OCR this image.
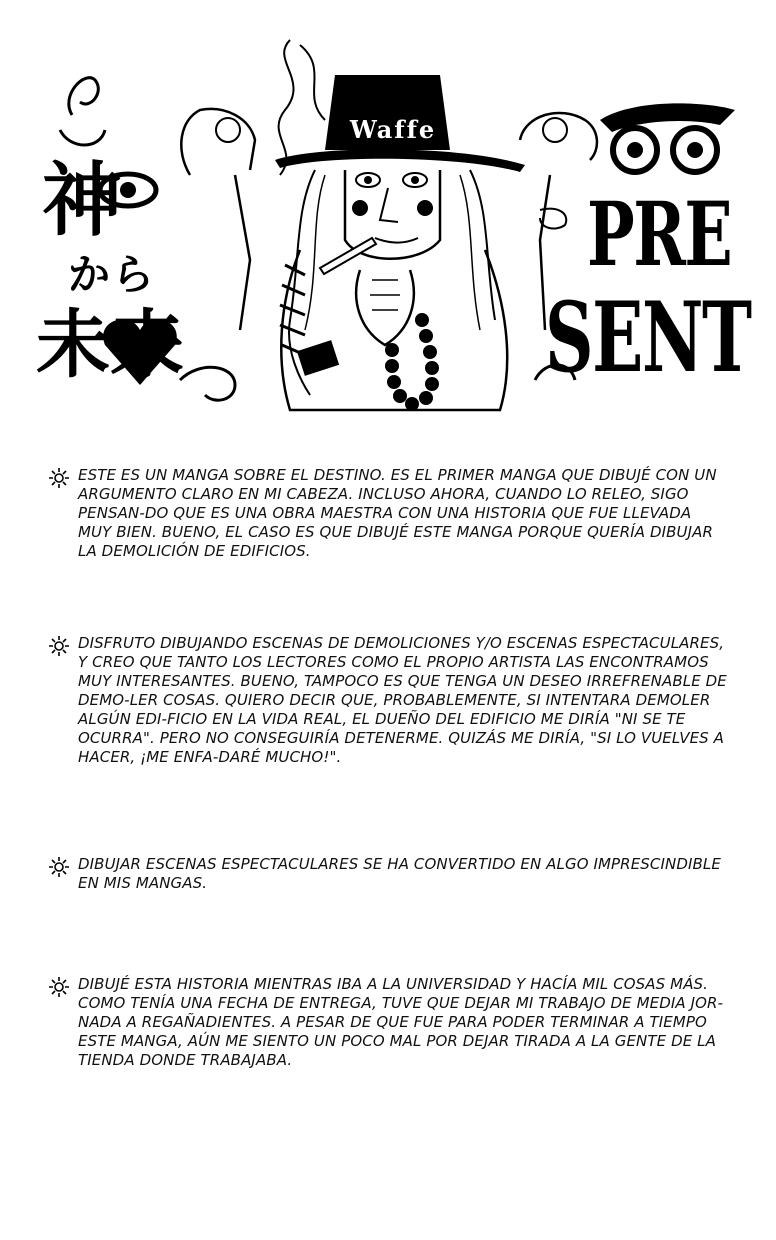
Waffe
神
から
未来
PRE
SENT
ESTE ES UN MANGA SOBRE EL DESTINO. ES EL PRIMER MANGA QUE DIBUJÉ CON UN ARGUMENTO CLARO EN MI CABEZA. INCLUSO AHORA, CUANDO LO RELEO, SIGO PENSAN-DO QUE ES UNA OBRA MAESTRA CON UNA HISTORIA QUE FUE LLEVADA MUY BIEN. BUENO, EL CASO ES QUE DIBUJÉ ESTE MANGA PORQUE QUERÍA DIBUJAR LA DEMOLICIÓN DE EDIFICIOS.
DISFRUTO DIBUJANDO ESCENAS DE DEMOLICIONES Y/O ESCENAS ESPECTACULARES, Y CREO QUE TANTO LOS LECTORES COMO EL PROPIO ARTISTA LAS ENCONTRAMOS MUY INTERESANTES. BUENO, TAMPOCO ES QUE TENGA UN DESEO IRREFRENABLE DE DEMO-LER COSAS. QUIERO DECIR QUE, PROBABLEMENTE, SI INTENTARA DEMOLER ALGÚN EDI-FICIO EN LA VIDA REAL, EL DUEÑO DEL EDIFICIO ME DIRÍA "NI SE TE OCURRA". PERO NO CONSEGUIRÍA DETENERME. QUIZÁS ME DIRÍA, "SI LO VUELVES A HACER, ¡ME ENFA-DARÉ MUCHO!".
DIBUJAR ESCENAS ESPECTACULARES SE HA CONVERTIDO EN ALGO IMPRESCINDIBLE EN MIS MANGAS.
DIBUJÉ ESTA HISTORIA MIENTRAS IBA A LA UNIVERSIDAD Y HACÍA MIL COSAS MÁS. COMO TENÍA UNA FECHA DE ENTREGA, TUVE QUE DEJAR MI TRABAJO DE MEDIA JOR-NADA A REGAÑADIENTES. A PESAR DE QUE FUE PARA PODER TERMINAR A TIEMPO ESTE MANGA, AÚN ME SIENTO UN POCO MAL POR DEJAR TIRADA A LA GENTE DE LA TIENDA DONDE TRABAJABA.
